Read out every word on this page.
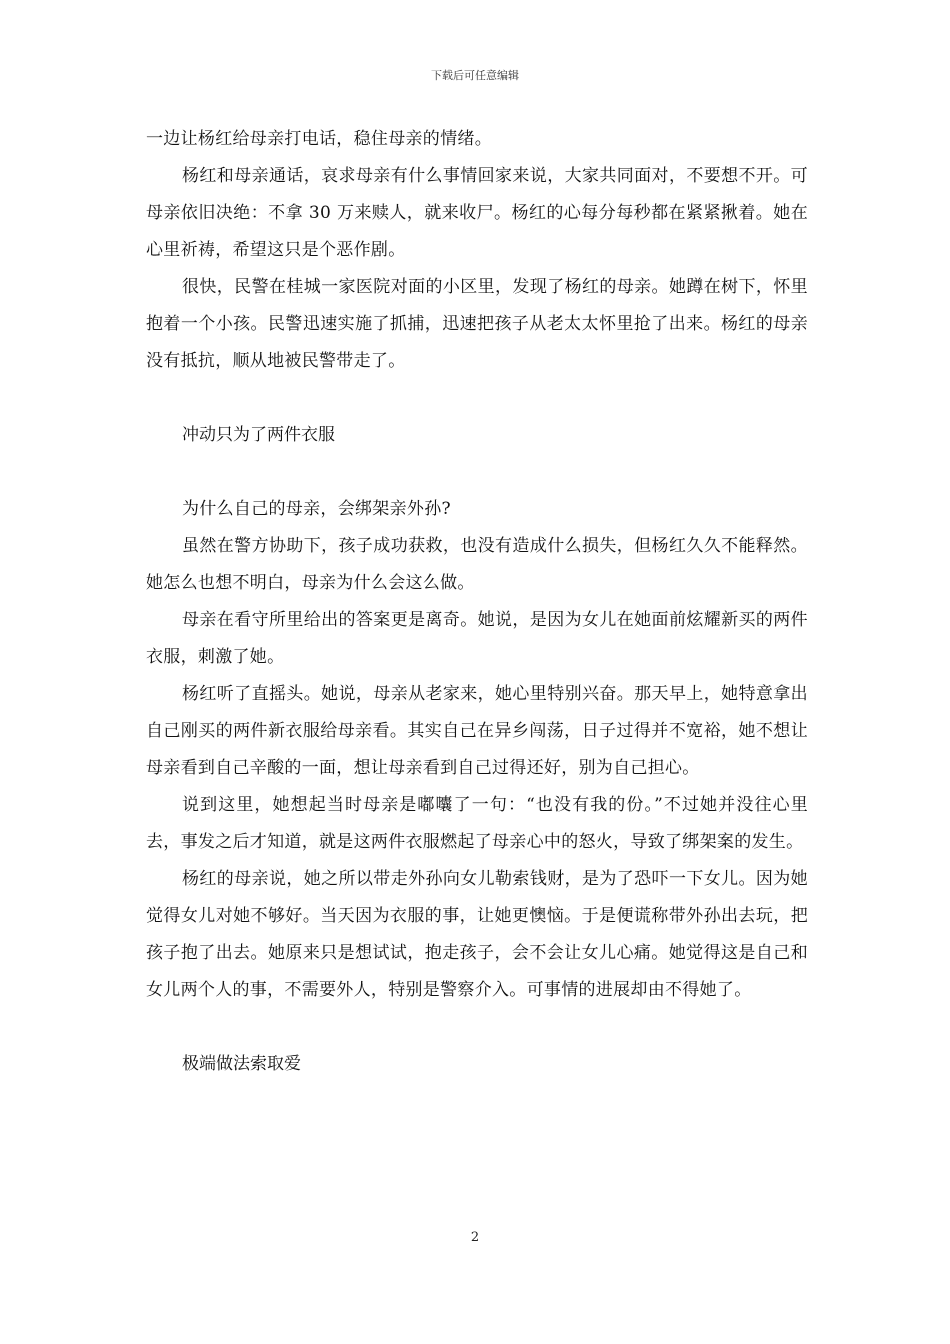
下载后可任意编辑

一边让杨红给母亲打电话，稳住母亲的情绪。

杨红和母亲通话，哀求母亲有什么事情回家来说，大家共同面对，不要想不开。可母亲依旧决绝：不拿 30 万来赎人，就来收尸。杨红的心每分每秒都在紧紧揪着。她在心里祈祷，希望这只是个恶作剧。

很快，民警在桂城一家医院对面的小区里，发现了杨红的母亲。她蹲在树下，怀里抱着一个小孩。民警迅速实施了抓捕，迅速把孩子从老太太怀里抢了出来。杨红的母亲没有抵抗，顺从地被民警带走了。

冲动只为了两件衣服

为什么自己的母亲，会绑架亲外孙?

虽然在警方协助下，孩子成功获救，也没有造成什么损失，但杨红久久不能释然。她怎么也想不明白，母亲为什么会这么做。

母亲在看守所里给出的答案更是离奇。她说，是因为女儿在她面前炫耀新买的两件衣服，刺激了她。

杨红听了直摇头。她说，母亲从老家来，她心里特别兴奋。那天早上，她特意拿出自己刚买的两件新衣服给母亲看。其实自己在异乡闯荡，日子过得并不宽裕，她不想让母亲看到自己辛酸的一面，想让母亲看到自己过得还好，别为自己担心。

说到这里，她想起当时母亲是嘟囔了一句：“也没有我的份。”不过她并没往心里去，事发之后才知道，就是这两件衣服燃起了母亲心中的怒火，导致了绑架案的发生。

杨红的母亲说，她之所以带走外孙向女儿勒索钱财，是为了恐吓一下女儿。因为她觉得女儿对她不够好。当天因为衣服的事，让她更懊恼。于是便谎称带外孙出去玩，把孩子抱了出去。她原来只是想试试，抱走孩子，会不会让女儿心痛。她觉得这是自己和女儿两个人的事，不需要外人，特别是警察介入。可事情的进展却由不得她了。

极端做法索取爱

2
